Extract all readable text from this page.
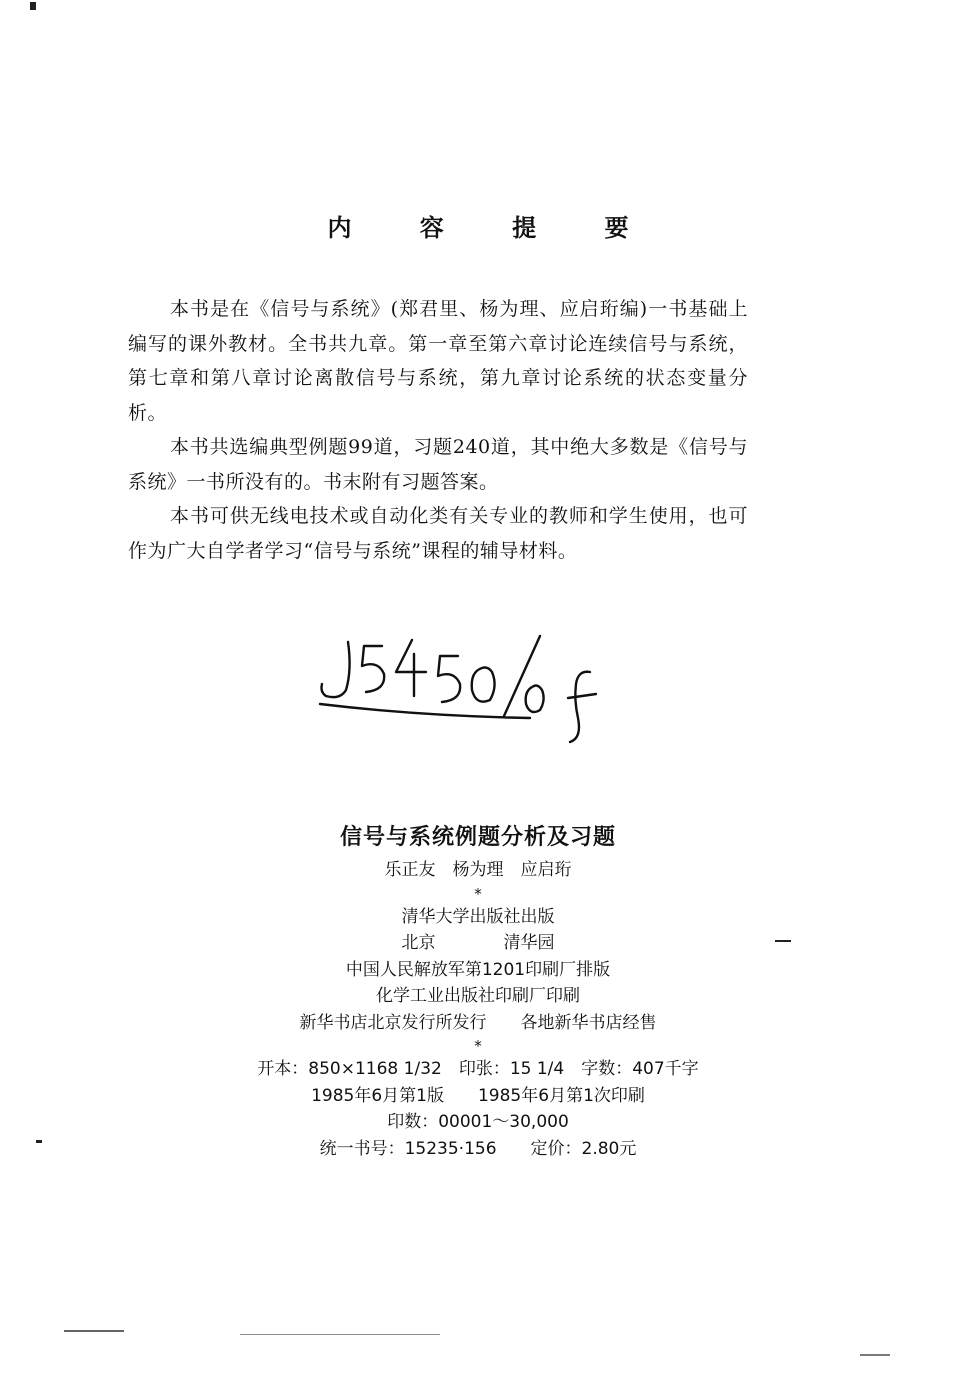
内 容 提 要

本书是在《信号与系统》(郑君里、杨为理、应启珩编)一书基础上编写的课外教材。全书共九章。第一章至第六章讨论连续信号与系统，第七章和第八章讨论离散信号与系统，第九章讨论系统的状态变量分析。

本书共选编典型例题99道，习题240道，其中绝大多数是《信号与系统》一书所没有的。书末附有习题答案。

本书可供无线电技术或自动化类有关专业的教师和学生使用，也可作为广大自学者学习“信号与系统”课程的辅导材料。

信号与系统例题分析及习题
乐正友　杨为理　应启珩
*
清华大学出版社出版
北京　　　　清华园
中国人民解放军第1201印刷厂排版
化学工业出版社印刷厂印刷
新华书店北京发行所发行　　各地新华书店经售
*
开本：850×1168 1/32　印张：15 1/4　字数：407千字
1985年6月第1版　　1985年6月第1次印刷
印数：00001～30,000
统一书号：15235·156　　定价：2.80元
